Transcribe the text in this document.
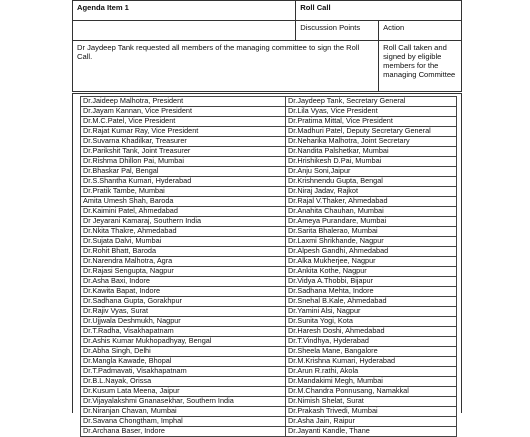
Agenda Item 1	Roll Call	
	Discussion Points	Action
Dr Jaydeep Tank requested all members of the managing committee to sign the Roll Call.		Roll Call taken and signed by eligible members for the managing Committee
Dr.Jaideep Malhotra, President	Dr.Jaydeep Tank, Secretary General
Dr.Jayam Kannan, Vice President	Dr.Lila Vyas, Vice President
Dr.M.C.Patel, Vice President	Dr.Pratima Mittal, Vice President
Dr.Rajat Kumar Ray, Vice President	Dr.Madhuri Patel, Deputy Secretary General
Dr.Suvarna Khadilkar, Treasurer	Dr.Neharika Malhotra, Joint Secretary
Dr.Parikshit Tank, Joint Treasurer	Dr.Nandita Palshetkar, Mumbai
Dr.Rishma Dhillon Pai, Mumbai	Dr.Hrishikesh D.Pai, Mumbai
Dr.Bhaskar Pal, Bengal	Dr.Anju Soni,Jaipur
Dr.S.Shantha Kumari, Hyderabad	Dr.Krishnendu Gupta, Bengal
Dr.Pratik Tambe, Mumbai	Dr.Niraj Jadav, Rajkot
Amita Umesh Shah, Baroda	Dr.Rajal V.Thaker, Ahmedabad
Dr.Kaimini Patel, Ahmedabad	Dr.Anahita Chauhan, Mumbai
Dr Jeyarani Kamaraj, Southern India	Dr.Ameya Purandare, Mumbai
Dr.Nkita Thakre, Ahmedabad	Dr.Sarita Bhalerao, Mumbai
Dr.Sujata Dalvi, Mumbai	Dr.Laxmi Shrikhande, Nagpur
Dr.Rohit Bhatt, Baroda	Dr.Alpesh Gandhi, Ahmedabad
Dr.Narendra Malhotra, Agra	Dr.Alka Mukherjee, Nagpur
Dr.Rajasi Sengupta, Nagpur	Dr.Ankita Kothe, Nagpur
Dr.Asha Baxi, Indore	Dr.Vidya A.Thobbi, Bijapur
Dr.Kawita Bapat, Indore	Dr.Sadhana Mehta, Indore
Dr.Sadhana Gupta, Gorakhpur	Dr.Snehal B.Kale, Ahmedabad
Dr.Rajiv Vyas, Surat	Dr.Yamini Alsi, Nagpur
Dr.Ujjwala Deshmukh, Nagpur	Dr.Sunita Yogi, Kota
Dr.T.Radha, Visakhapatnam	Dr.Haresh Doshi, Ahmedabad
Dr.Ashis Kumar Mukhopadhyay, Bengal	Dr.T.Vindhya, Hyderabad
Dr.Abha Singh, Delhi	Dr.Sheela Mane, Bangalore
Dr.Mangla Kawade, Bhopal	Dr.M.Krishna Kumari, Hyderabad
Dr.T.Padmavati, Visakhapatnam	Dr.Arun R.rathi, Akola
Dr.B.L.Nayak, Orissa	Dr.Mandakimi Megh, Mumbai
Dr.Kusum Lata Meena, Jaipur	Dr.M.Chandra Ponnusang, Namakkal
Dr.Vijayalakshmi Gnanasekhar, Southern India	Dr.Nimish Shelat, Surat
Dr.Niranjan Chavan, Mumbai	Dr.Prakash Trivedi, Mumbai
Dr.Savana Chongtham, Imphal	Dr.Asha Jain, Raipur
Dr.Archana Baser, Indore	Dr.Jayanti Kandle, Thane
